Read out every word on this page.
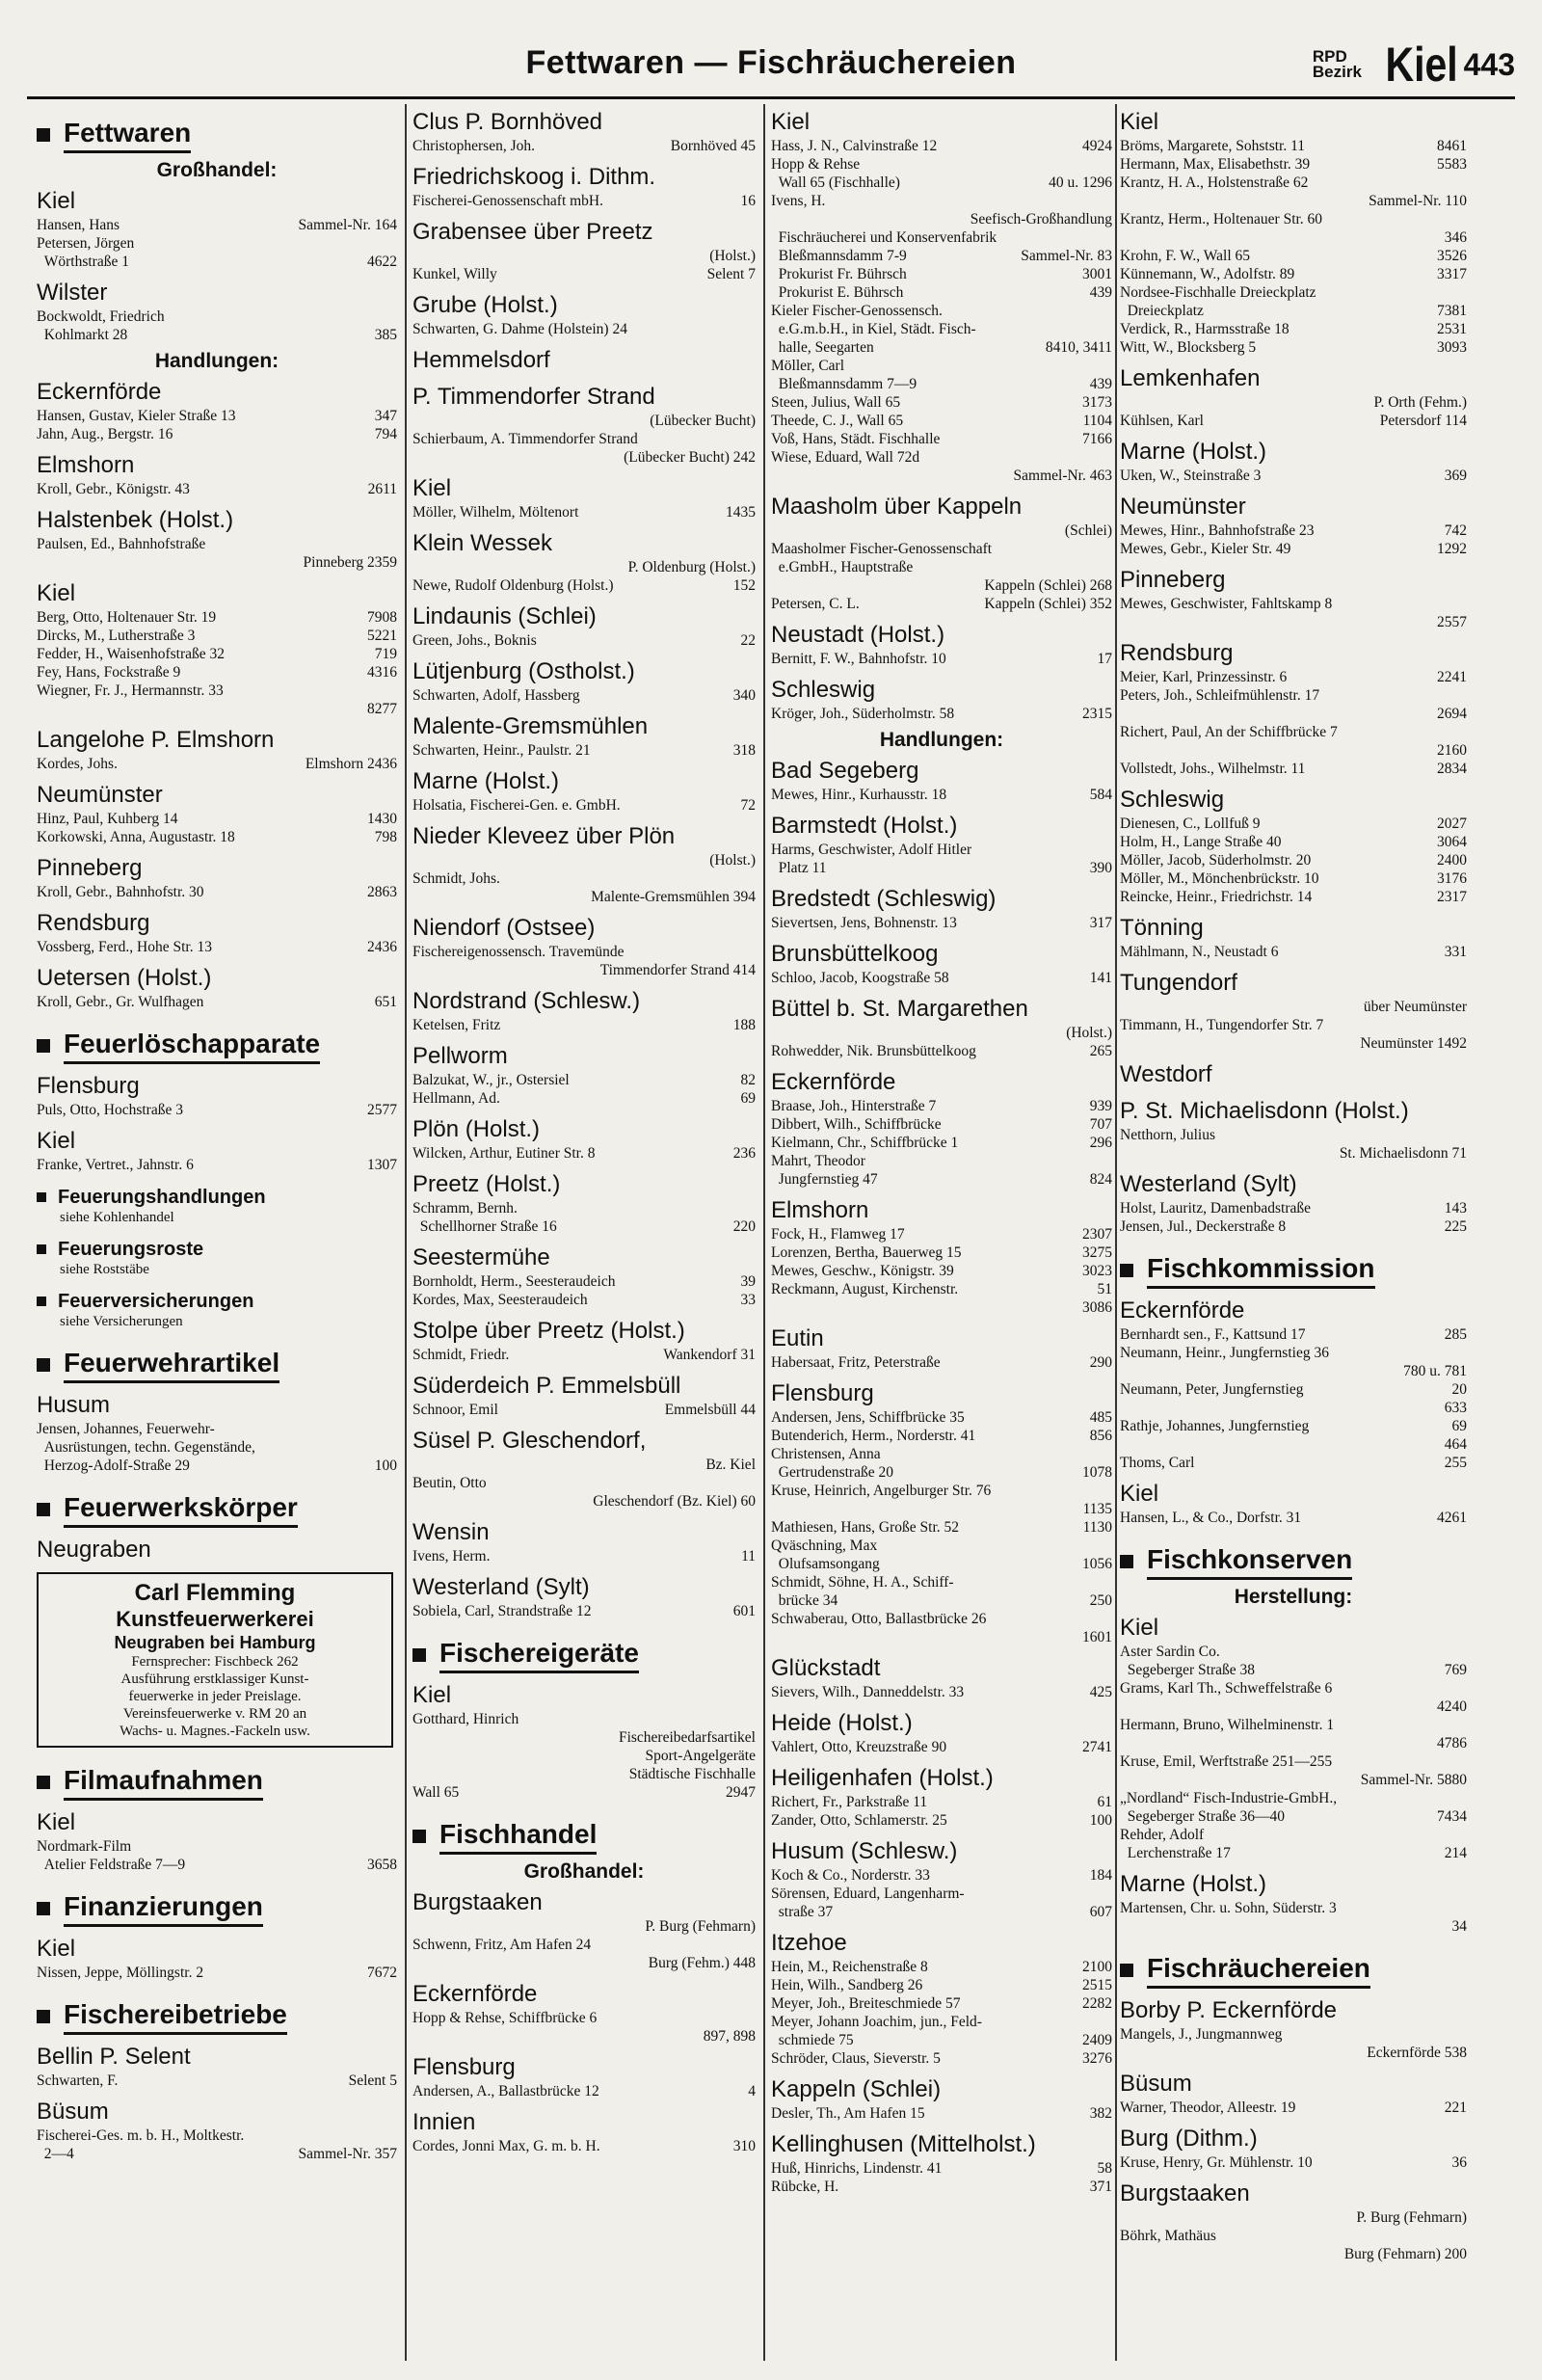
Fettwaren — Fischräuchereien	RPD
Bezirk Kiel 443
Fettwaren
Großhandel:
Kiel
Hansen, Hans	Sammel-Nr. 164
Petersen, Jörgen
Wörthstraße 1	4622
Wilster
Bockwoldt, Friedrich
Kohlmarkt 28	385
Handlungen:
Eckernförde
Hansen, Gustav, Kieler Straße 13	347
Jahn, Aug., Bergstr. 16	794
Elmshorn
Kroll, Gebr., Königstr. 43	2611
Halstenbek (Holst.)
Paulsen, Ed., Bahnhofstraße
Pinneberg 2359
Kiel
Berg, Otto, Holtenauer Str. 19	7908
Dircks, M., Lutherstraße 3	5221
Fedder, H., Waisenhofstraße 32	719
Fey, Hans, Fockstraße 9	4316
Wiegner, Fr. J., Hermannstr. 33
8277
Langelohe P. Elmshorn
Kordes, Johs.	Elmshorn 2436
Neumünster
Hinz, Paul, Kuhberg 14	1430
Korkowski, Anna, Augustastr. 18	798
Pinneberg
Kroll, Gebr., Bahnhofstr. 30	2863
Rendsburg
Vossberg, Ferd., Hohe Str. 13	2436
Uetersen (Holst.)
Kroll, Gebr., Gr. Wulfhagen	651
Feuerlöschapparate
Flensburg
Puls, Otto, Hochstraße 3	2577
Kiel
Franke, Vertret., Jahnstr. 6	1307
Feuerungshandlungen
siehe Kohlenhandel
Feuerungsroste
siehe Roststäbe
Feuerversicherungen
siehe Versicherungen
Feuerwehrartikel
Husum
Jensen, Johannes, Feuerwehr-
Ausrüstungen, techn. Gegenstände,
Herzog-Adolf-Straße 29	100
Feuerwerkskörper
Neugraben
Carl Flemming
Kunstfeuerwerkerei
Neugraben bei Hamburg
Fernsprecher: Fischbeck 262
Ausführung erstklassiger Kunst-
feuerwerke in jeder Preislage.
Vereinsfeuerwerke v. RM 20 an
Wachs- u. Magnes.-Fackeln usw.
Filmaufnahmen
Kiel
Nordmark-Film
Atelier Feldstraße 7—9	3658
Finanzierungen
Kiel
Nissen, Jeppe, Möllingstr. 2	7672
Fischereibetriebe
Bellin P. Selent
Schwarten, F.	Selent 5
Büsum
Fischerei-Ges. m. b. H., Moltkestr.
2—4	Sammel-Nr. 357
Clus P. Bornhöved
Christophersen, Joh.	Bornhöved 45
Friedrichskoog i. Dithm.
Fischerei-Genossenschaft mbH.	16
Grabensee über Preetz
(Holst.)
Kunkel, Willy	Selent 7
Grube (Holst.)
Schwarten, G. Dahme (Holstein) 24
Hemmelsdorf
P. Timmendorfer Strand
(Lübecker Bucht)
Schierbaum, A. Timmendorfer Strand
(Lübecker Bucht) 242
Kiel
Möller, Wilhelm, Möltenort	1435
Klein Wessek
P. Oldenburg (Holst.)
Newe, Rudolf Oldenburg (Holst.)	152
Lindaunis (Schlei)
Green, Johs., Boknis	22
Lütjenburg (Ostholst.)
Schwarten, Adolf, Hassberg	340
Malente-Gremsmühlen
Schwarten, Heinr., Paulstr. 21	318
Marne (Holst.)
Holsatia, Fischerei-Gen. e. GmbH.	72
Nieder Kleveez über Plön
(Holst.)
Schmidt, Johs.
Malente-Gremsmühlen 394
Niendorf (Ostsee)
Fischereigenossensch. Travemünde
Timmendorfer Strand 414
Nordstrand (Schlesw.)
Ketelsen, Fritz	188
Pellworm
Balzukat, W., jr., Ostersiel	82
Hellmann, Ad.	69
Plön (Holst.)
Wilcken, Arthur, Eutiner Str. 8	236
Preetz (Holst.)
Schramm, Bernh.
Schellhorner Straße 16	220
Seestermühe
Bornholdt, Herm., Seesteraudeich	39
Kordes, Max, Seesteraudeich	33
Stolpe über Preetz (Holst.)
Schmidt, Friedr.	Wankendorf 31
Süderdeich P. Emmelsbüll
Schnoor, Emil	Emmelsbüll 44
Süsel P. Gleschendorf,
Bz. Kiel
Beutin, Otto
Gleschendorf (Bz. Kiel) 60
Wensin
Ivens, Herm.	11
Westerland (Sylt)
Sobiela, Carl, Strandstraße 12	601
Fischereigeräte
Kiel
Gotthard, Hinrich
Fischereibedarfsartikel
Sport-Angelgeräte
Städtische Fischhalle
Wall 65	2947
Fischhandel
Großhandel:
Burgstaaken
P. Burg (Fehmarn)
Schwenn, Fritz, Am Hafen 24
Burg (Fehm.) 448
Eckernförde
Hopp & Rehse, Schiffbrücke 6
897, 898
Flensburg
Andersen, A., Ballastbrücke 12	4
Innien
Cordes, Jonni Max, G. m. b. H.	310
Kiel
Hass, J. N., Calvinstraße 12	4924
Hopp & Rehse
Wall 65 (Fischhalle)	40 u. 1296
Ivens, H.
Seefisch-Großhandlung
Fischräucherei und Konservenfabrik
Bleßmannsdamm 7-9	Sammel-Nr. 83
Prokurist Fr. Bührsch	3001
Prokurist E. Bührsch	439
Kieler Fischer-Genossensch.
e.G.m.b.H., in Kiel, Städt. Fisch-
halle, Seegarten	8410, 3411
Möller, Carl
Bleßmannsdamm 7—9	439
Steen, Julius, Wall 65	3173
Theede, C. J., Wall 65	1104
Voß, Hans, Städt. Fischhalle	7166
Wiese, Eduard, Wall 72d
Sammel-Nr. 463
Maasholm über Kappeln
(Schlei)
Maasholmer Fischer-Genossenschaft
e.GmbH., Hauptstraße
Kappeln (Schlei) 268
Petersen, C. L.	Kappeln (Schlei) 352
Neustadt (Holst.)
Bernitt, F. W., Bahnhofstr. 10	17
Schleswig
Kröger, Joh., Süderholmstr. 58	2315
Handlungen:
Bad Segeberg
Mewes, Hinr., Kurhausstr. 18	584
Barmstedt (Holst.)
Harms, Geschwister, Adolf Hitler
Platz 11	390
Bredstedt (Schleswig)
Sievertsen, Jens, Bohnenstr. 13	317
Brunsbüttelkoog
Schloo, Jacob, Koogstraße 58	141
Büttel b. St. Margarethen
(Holst.)
Rohwedder, Nik. Brunsbüttelkoog	265
Eckernförde
Braase, Joh., Hinterstraße 7	939
Dibbert, Wilh., Schiffbrücke	707
Kielmann, Chr., Schiffbrücke 1	296
Mahrt, Theodor
Jungfernstieg 47	824
Elmshorn
Fock, H., Flamweg 17	2307
Lorenzen, Bertha, Bauerweg 15	3275
Mewes, Geschw., Königstr. 39	3023
Reckmann, August, Kirchenstr.	51
3086
Eutin
Habersaat, Fritz, Peterstraße	290
Flensburg
Andersen, Jens, Schiffbrücke 35	485
Butenderich, Herm., Norderstr. 41	856
Christensen, Anna
Gertrudenstraße 20	1078
Kruse, Heinrich, Angelburger Str. 76
1135
Mathiesen, Hans, Große Str. 52	1130
Qväschning, Max
Olufsamsongang	1056
Schmidt, Söhne, H. A., Schiff-
brücke 34	250
Schwaberau, Otto, Ballastbrücke 26
1601
Glückstadt
Sievers, Wilh., Danneddelstr. 33	425
Heide (Holst.)
Vahlert, Otto, Kreuzstraße 90	2741
Heiligenhafen (Holst.)
Richert, Fr., Parkstraße 11	61
Zander, Otto, Schlamerstr. 25	100
Husum (Schlesw.)
Koch & Co., Norderstr. 33	184
Sörensen, Eduard, Langenharm-
straße 37	607
Itzehoe
Hein, M., Reichenstraße 8	2100
Hein, Wilh., Sandberg 26	2515
Meyer, Joh., Breiteschmiede 57	2282
Meyer, Johann Joachim, jun., Feld-
schmiede 75	2409
Schröder, Claus, Sieverstr. 5	3276
Kappeln (Schlei)
Desler, Th., Am Hafen 15	382
Kellinghusen (Mittelholst.)
Huß, Hinrichs, Lindenstr. 41	58
Rübcke, H.	371
Kiel
Bröms, Margarete, Sohststr. 11	8461
Hermann, Max, Elisabethstr. 39	5583
Krantz, H. A., Holstenstraße 62
Sammel-Nr. 110
Krantz, Herm., Holtenauer Str. 60
346
Krohn, F. W., Wall 65	3526
Künnemann, W., Adolfstr. 89	3317
Nordsee-Fischhalle Dreieckplatz
Dreieckplatz	7381
Verdick, R., Harmsstraße 18	2531
Witt, W., Blocksberg 5	3093
Lemkenhafen
P. Orth (Fehm.)
Kühlsen, Karl	Petersdorf 114
Marne (Holst.)
Uken, W., Steinstraße 3	369
Neumünster
Mewes, Hinr., Bahnhofstraße 23	742
Mewes, Gebr., Kieler Str. 49	1292
Pinneberg
Mewes, Geschwister, Fahltskamp 8
2557
Rendsburg
Meier, Karl, Prinzessinstr. 6	2241
Peters, Joh., Schleifmühlenstr. 17
2694
Richert, Paul, An der Schiffbrücke 7
2160
Vollstedt, Johs., Wilhelmstr. 11	2834
Schleswig
Dienesen, C., Lollfuß 9	2027
Holm, H., Lange Straße 40	3064
Möller, Jacob, Süderholmstr. 20	2400
Möller, M., Mönchenbrückstr. 10	3176
Reincke, Heinr., Friedrichstr. 14	2317
Tönning
Mählmann, N., Neustadt 6	331
Tungendorf
über Neumünster
Timmann, H., Tungendorfer Str. 7
Neumünster 1492
Westdorf
P. St. Michaelisdonn (Holst.)
Netthorn, Julius
St. Michaelisdonn 71
Westerland (Sylt)
Holst, Lauritz, Damenbadstraße	143
Jensen, Jul., Deckerstraße 8	225
Fischkommission
Eckernförde
Bernhardt sen., F., Kattsund 17	285
Neumann, Heinr., Jungfernstieg 36
780 u. 781
Neumann, Peter, Jungfernstieg	20
633
Rathje, Johannes, Jungfernstieg	69
464
Thoms, Carl	255
Kiel
Hansen, L., & Co., Dorfstr. 31	4261
Fischkonserven
Herstellung:
Kiel
Aster Sardin Co.
Segeberger Straße 38	769
Grams, Karl Th., Schweffelstraße 6
4240
Hermann, Bruno, Wilhelminenstr. 1
4786
Kruse, Emil, Werftstraße 251—255
Sammel-Nr. 5880
„Nordland“ Fisch-Industrie-GmbH.,
Segeberger Straße 36—40	7434
Rehder, Adolf
Lerchenstraße 17	214
Marne (Holst.)
Martensen, Chr. u. Sohn, Süderstr. 3
34
Fischräuchereien
Borby P. Eckernförde
Mangels, J., Jungmannweg
Eckernförde 538
Büsum
Warner, Theodor, Alleestr. 19	221
Burg (Dithm.)
Kruse, Henry, Gr. Mühlenstr. 10	36
Burgstaaken
P. Burg (Fehmarn)
Böhrk, Mathäus
Burg (Fehmarn) 200
